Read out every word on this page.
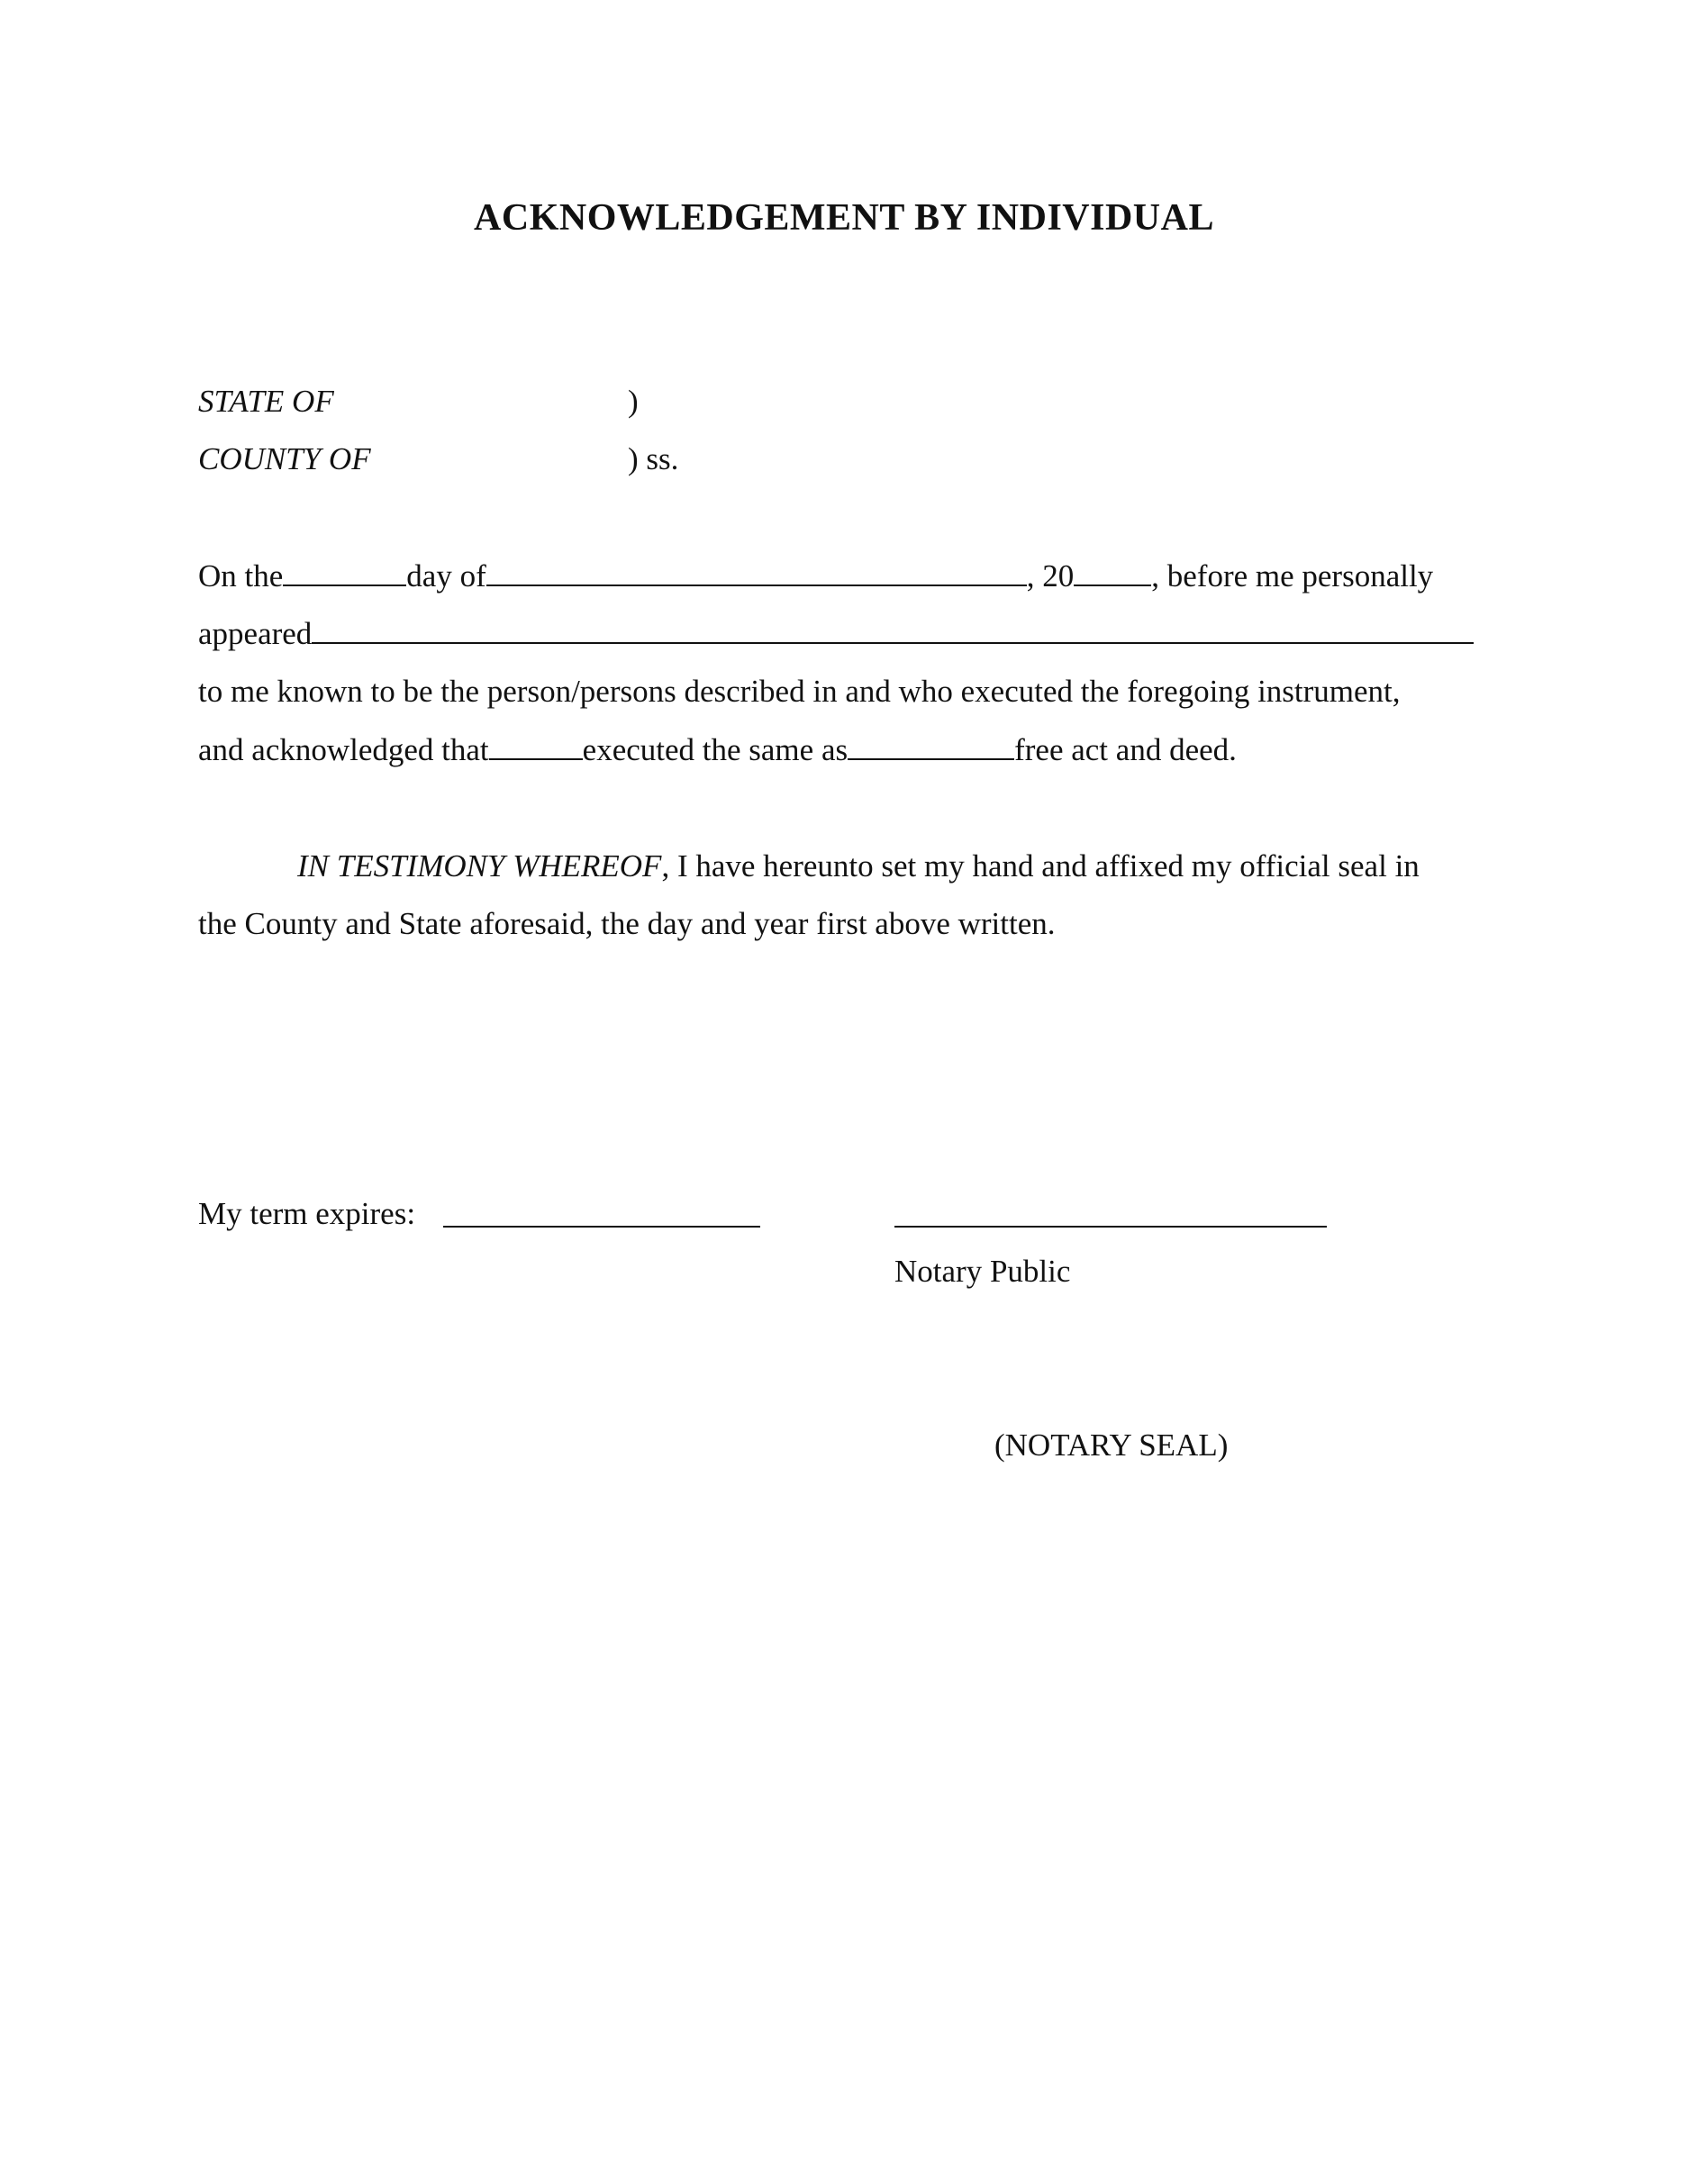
ACKNOWLEDGEMENT BY INDIVIDUAL
STATE OF	)
COUNTY OF	) ss.
On the	day of	, 20 , before me personally
appeared
to me known to be the person/persons described in and who executed the foregoing instrument,
and acknowledged that	executed the same as	free act and deed.
IN TESTIMONY WHEREOF, I have hereunto set my hand and affixed my official seal in
the County and State aforesaid, the day and year first above written.
My term expires:
Notary Public
(NOTARY SEAL)
